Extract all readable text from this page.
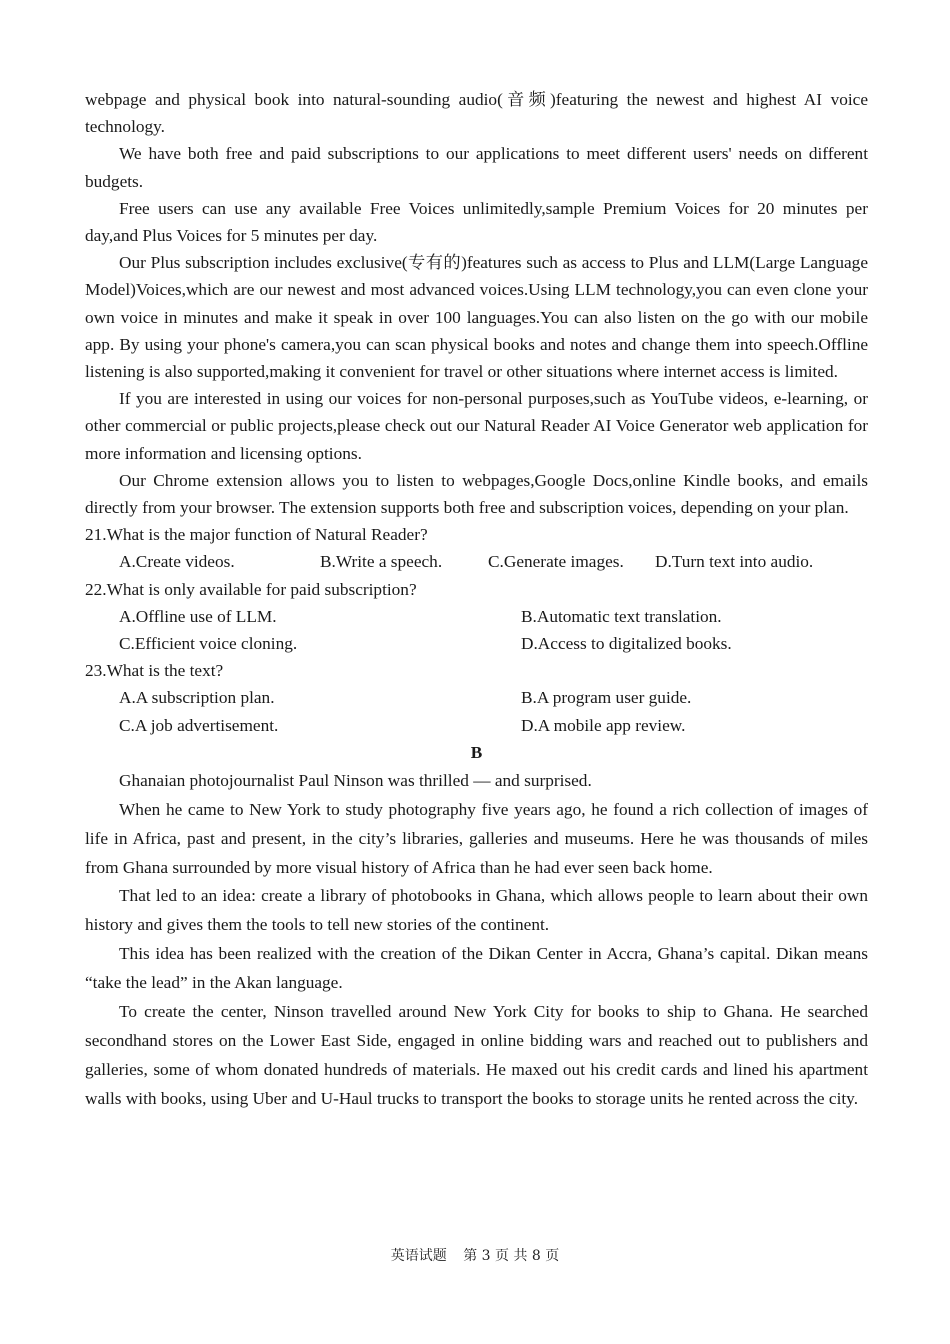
webpage and physical book into natural-sounding audio(音频)featuring the newest and highest AI voice technology.

We have both free and paid subscriptions to our applications to meet different users' needs on different budgets.

Free users can use any available Free Voices unlimitedly,sample Premium Voices for 20 minutes per day,and Plus Voices for 5 minutes per day.

Our Plus subscription includes exclusive(专有的)features such as access to Plus and LLM(Large Language Model)Voices,which are our newest and most advanced voices.Using LLM technology,you can even clone your own voice in minutes and make it speak in over 100 languages.You can also listen on the go with our mobile app. By using your phone's camera,you can scan physical books and notes and change them into speech.Offline listening is also supported,making it convenient for travel or other situations where internet access is limited.

If you are interested in using our voices for non-personal purposes,such as YouTube videos, e-learning, or other commercial or public projects,please check out our Natural Reader AI Voice Generator web application for more information and licensing options.

Our Chrome extension allows you to listen to webpages,Google Docs,online Kindle books, and emails directly from your browser. The extension supports both free and subscription voices, depending on your plan.

21.What is the major function of Natural Reader?

A.Create videos.	B.Write a speech.	C.Generate images. D.Turn text into audio.

22.What is only available for paid subscription?

A.Offline use of LLM.	B.Automatic text translation.
C.Efficient voice cloning.	D.Access to digitalized books.

23.What is the text?

A.A subscription plan.	B.A program user guide.
C.A job advertisement.	D.A mobile app review.

B

Ghanaian photojournalist Paul Ninson was thrilled — and surprised.

When he came to New York to study photography five years ago, he found a rich collection of images of life in Africa, past and present, in the city’s libraries, galleries and museums. Here he was thousands of miles from Ghana surrounded by more visual history of Africa than he had ever seen back home.

That led to an idea: create a library of photobooks in Ghana, which allows people to learn about their own history and gives them the tools to tell new stories of the continent.

This idea has been realized with the creation of the Dikan Center in Accra, Ghana’s capital. Dikan means “take the lead” in the Akan language.

To create the center, Ninson travelled around New York City for books to ship to Ghana. He searched secondhand stores on the Lower East Side, engaged in online bidding wars and reached out to publishers and galleries, some of whom donated hundreds of materials. He maxed out his credit cards and lined his apartment walls with books, using Uber and U-Haul trucks to transport the books to storage units he rented across the city.

英语试题 第 3 页 共 8 页
